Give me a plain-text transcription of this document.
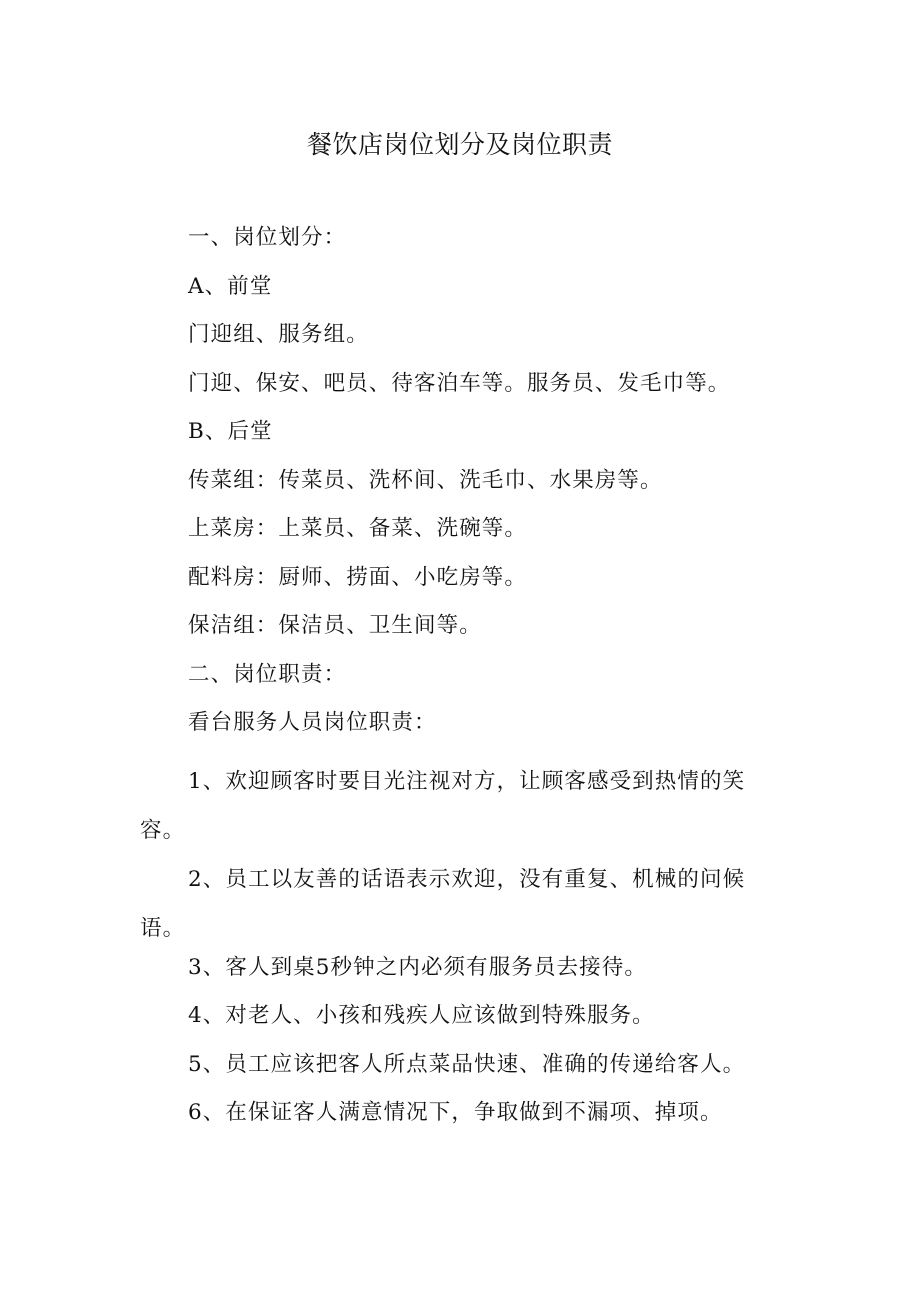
餐饮店岗位划分及岗位职责
一、岗位划分：
A、前堂
门迎组、服务组。
门迎、保安、吧员、待客泊车等。服务员、发毛巾等。
B、后堂
传菜组：传菜员、洗杯间、洗毛巾、水果房等。
上菜房：上菜员、备菜、洗碗等。
配料房：厨师、捞面、小吃房等。
保洁组：保洁员、卫生间等。
二、岗位职责：
看台服务人员岗位职责：
1、欢迎顾客时要目光注视对方，让顾客感受到热情的笑容。
2、员工以友善的话语表示欢迎，没有重复、机械的问候语。
3、客人到桌5秒钟之内必须有服务员去接待。
4、对老人、小孩和残疾人应该做到特殊服务。
5、员工应该把客人所点菜品快速、准确的传递给客人。
6、在保证客人满意情况下，争取做到不漏项、掉项。
